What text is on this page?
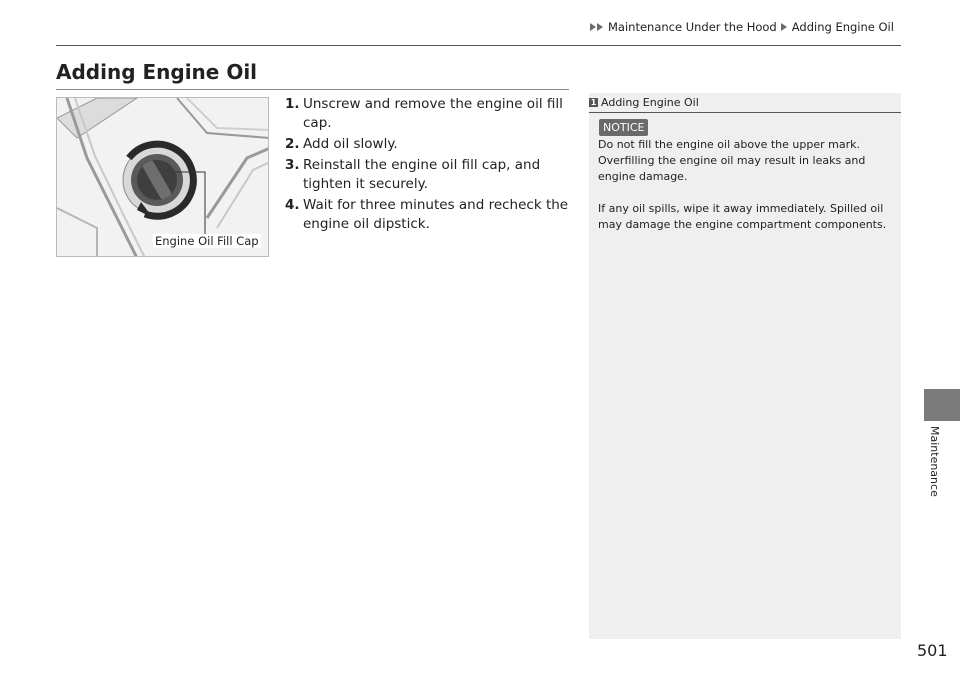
Maintenance Under the Hood Adding Engine Oil
Adding Engine Oil
Engine Oil Fill Cap
1. Unscrew and remove the engine oil fill cap.
2. Add oil slowly.
3. Reinstall the engine oil fill cap, and tighten it securely.
4. Wait for three minutes and recheck the engine oil dipstick.
1 Adding Engine Oil
NOTICE

Do not fill the engine oil above the upper mark. Overfilling the engine oil may result in leaks and engine damage.

If any oil spills, wipe it away immediately. Spilled oil may damage the engine compartment components.

Maintenance
501
